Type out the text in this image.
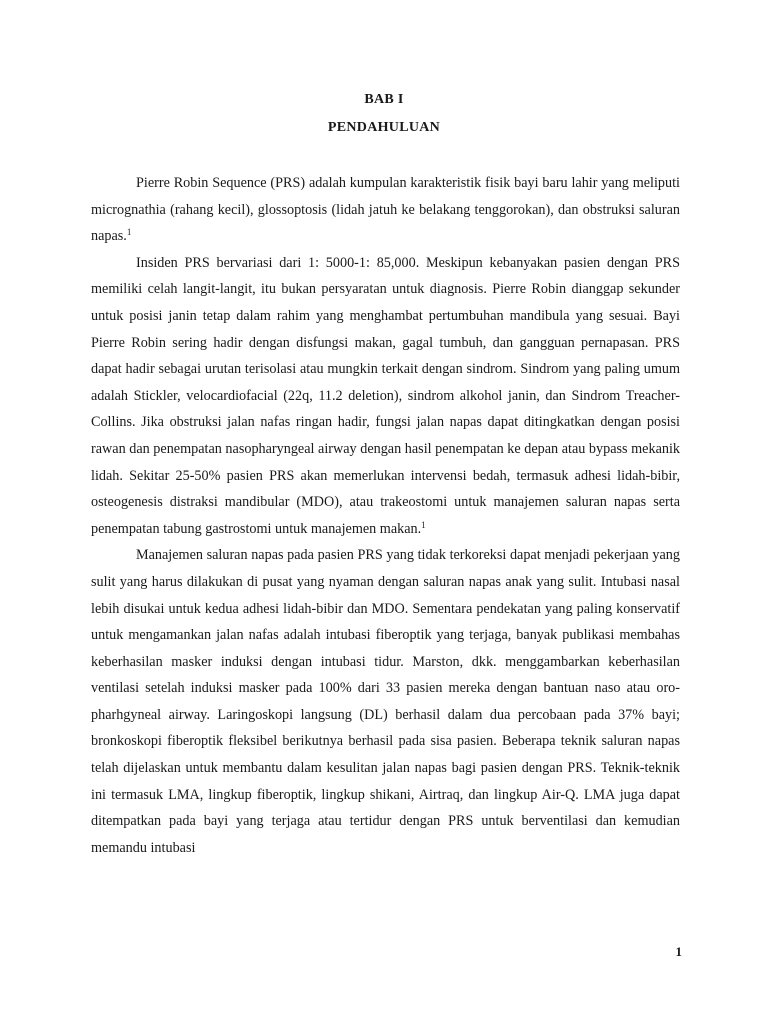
BAB I
PENDAHULUAN

Pierre Robin Sequence (PRS) adalah kumpulan karakteristik fisik bayi baru lahir yang meliputi micrognathia (rahang kecil), glossoptosis (lidah jatuh ke belakang tenggorokan), dan obstruksi saluran napas.$^1$

Insiden PRS bervariasi dari 1: 5000-1: 85,000. Meskipun kebanyakan pasien dengan PRS memiliki celah langit-langit, itu bukan persyaratan untuk diagnosis. Pierre Robin dianggap sekunder untuk posisi janin tetap dalam rahim yang menghambat pertumbuhan mandibula yang sesuai. Bayi Pierre Robin sering hadir dengan disfungsi makan, gagal tumbuh, dan gangguan pernapasan. PRS dapat hadir sebagai urutan terisolasi atau mungkin terkait dengan sindrom. Sindrom yang paling umum adalah Stickler, velocardiofacial (22q, 11.2 deletion), sindrom alkohol janin, dan Sindrom Treacher-Collins. Jika obstruksi jalan nafas ringan hadir, fungsi jalan napas dapat ditingkatkan dengan posisi rawan dan penempatan nasopharyngeal airway dengan hasil penempatan ke depan atau bypass mekanik lidah. Sekitar 25-50% pasien PRS akan memerlukan intervensi bedah, termasuk adhesi lidah-bibir, osteogenesis distraksi mandibular (MDO), atau trakeostomi untuk manajemen saluran napas serta penempatan tabung gastrostomi untuk manajemen makan.$^1$

Manajemen saluran napas pada pasien PRS yang tidak terkoreksi dapat menjadi pekerjaan yang sulit yang harus dilakukan di pusat yang nyaman dengan saluran napas anak yang sulit. Intubasi nasal lebih disukai untuk kedua adhesi lidah-bibir dan MDO. Sementara pendekatan yang paling konservatif untuk mengamankan jalan nafas adalah intubasi fiberoptik yang terjaga, banyak publikasi membahas keberhasilan masker induksi dengan intubasi tidur. Marston, dkk. menggambarkan keberhasilan ventilasi setelah induksi masker pada 100% dari 33 pasien mereka dengan bantuan naso atau oro-pharhgyneal airway. Laringoskopi langsung (DL) berhasil dalam dua percobaan pada 37% bayi; bronkoskopi fiberoptik fleksibel berikutnya berhasil pada sisa pasien. Beberapa teknik saluran napas telah dijelaskan untuk membantu dalam kesulitan jalan napas bagi pasien dengan PRS. Teknik-teknik ini termasuk LMA, lingkup fiberoptik, lingkup shikani, Airtraq, dan lingkup Air-Q. LMA juga dapat ditempatkan pada bayi yang terjaga atau tertidur dengan PRS untuk berventilasi dan kemudian memandu intubasi

1
